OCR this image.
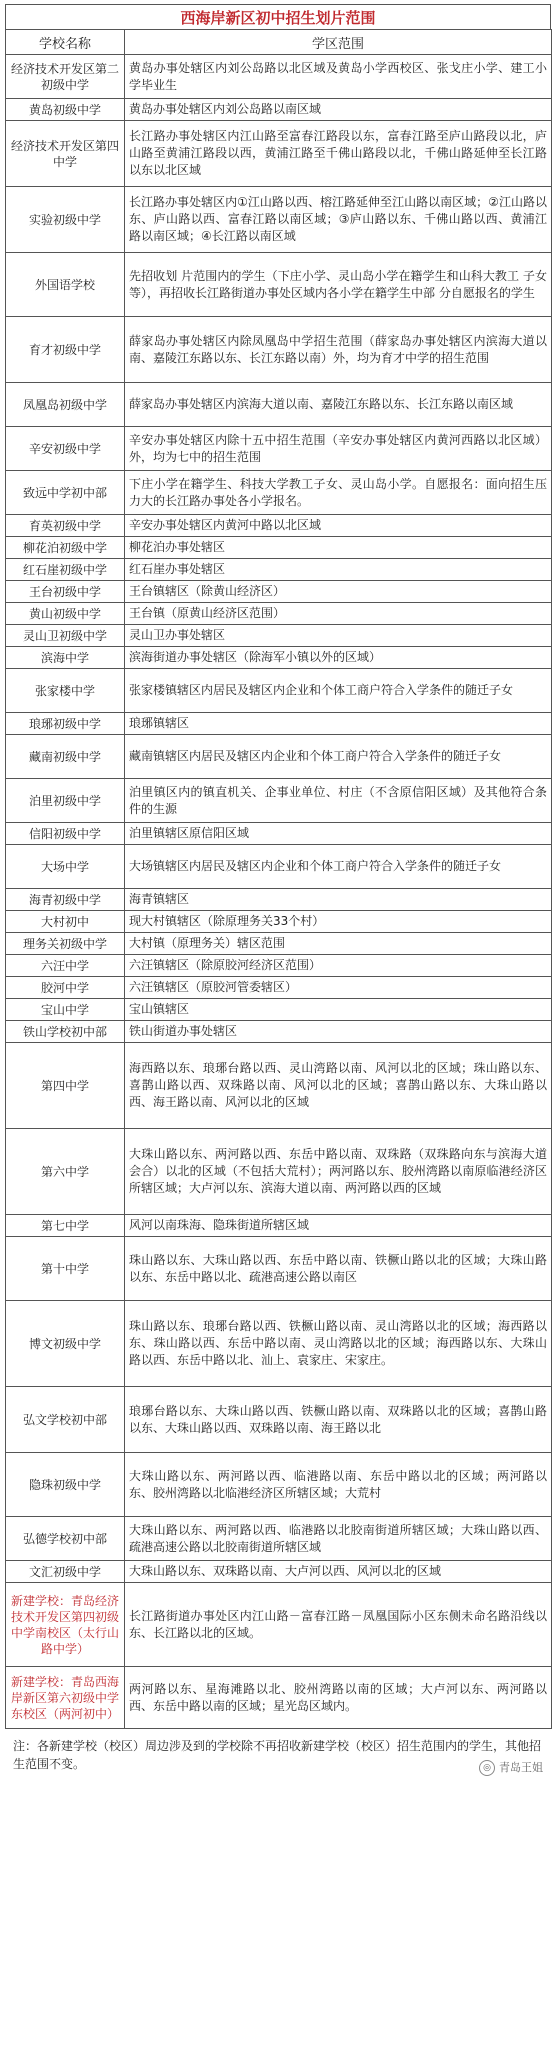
西海岸新区初中招生划片范围
学校名称	学区范围
经济技术开发区第二初级中学	黄岛办事处辖区内刘公岛路以北区域及黄岛小学西校区、张戈庄小学、建工小学毕业生
黄岛初级中学	黄岛办事处辖区内刘公岛路以南区域
经济技术开发区第四中学	长江路办事处辖区内江山路至富春江路段以东，富春江路至庐山路段以北，庐山路至黄浦江路段以西，黄浦江路至千佛山路段以北，千佛山路延伸至长江路以东以北区域
实验初级中学	长江路办事处辖区内①江山路以西、榕江路延伸至江山路以南区域；②江山路以东、庐山路以西、富春江路以南区域；③庐山路以东、千佛山路以西、黄浦江路以南区域；④长江路以南区域
外国语学校	先招收划 片范围内的学生（下庄小学、灵山岛小学在籍学生和山科大教工 子女等），再招收长江路街道办事处区域内各小学在籍学生中部 分自愿报名的学生
育才初级中学	薛家岛办事处辖区内除凤凰岛中学招生范围（薛家岛办事处辖区内滨海大道以南、嘉陵江东路以东、长江东路以南）外，均为育才中学的招生范围
凤凰岛初级中学	薛家岛办事处辖区内滨海大道以南、嘉陵江东路以东、长江东路以南区域
辛安初级中学	辛安办事处辖区内除十五中招生范围（辛安办事处辖区内黄河西路以北区域）外，均为七中的招生范围
致远中学初中部	下庄小学在籍学生、科技大学教工子女、灵山岛小学。自愿报名：面向招生压力大的长江路办事处各小学报名。
育英初级中学	辛安办事处辖区内黄河中路以北区域
柳花泊初级中学	柳花泊办事处辖区
红石崖初级中学	红石崖办事处辖区
王台初级中学	王台镇辖区（除黄山经济区）
黄山初级中学	王台镇（原黄山经济区范围）
灵山卫初级中学	灵山卫办事处辖区
滨海中学	滨海街道办事处辖区（除海军小镇以外的区域）
张家楼中学	张家楼镇辖区内居民及辖区内企业和个体工商户符合入学条件的随迁子女
琅琊初级中学	琅琊镇辖区
藏南初级中学	藏南镇辖区内居民及辖区内企业和个体工商户符合入学条件的随迁子女
泊里初级中学	泊里镇区内的镇直机关、企事业单位、村庄（不含原信阳区域）及其他符合条件的生源
信阳初级中学	泊里镇辖区原信阳区域
大场中学	大场镇辖区内居民及辖区内企业和个体工商户符合入学条件的随迁子女
海青初级中学	海青镇辖区
大村初中	现大村镇辖区（除原理务关33个村）
理务关初级中学	大村镇（原理务关）辖区范围
六汪中学	六汪镇辖区（除原胶河经济区范围）
胶河中学	六汪镇辖区（原胶河管委辖区）
宝山中学	宝山镇辖区
铁山学校初中部	铁山街道办事处辖区
第四中学	海西路以东、琅琊台路以西、灵山湾路以南、风河以北的区域；珠山路以东、喜鹊山路以西、双珠路以南、风河以北的区域；喜鹊山路以东、大珠山路以西、海王路以南、风河以北的区域
第六中学	大珠山路以东、两河路以西、东岳中路以南、双珠路（双珠路向东与滨海大道会合）以北的区域（不包括大荒村）；两河路以东、胶州湾路以南原临港经济区所辖区域；大卢河以东、滨海大道以南、两河路以西的区域
第七中学	风河以南珠海、隐珠街道所辖区域
第十中学	珠山路以东、大珠山路以西、东岳中路以南、铁橛山路以北的区域；大珠山路以东、东岳中路以北、疏港高速公路以南区
博文初级中学	珠山路以东、琅琊台路以西、铁橛山路以南、灵山湾路以北的区域；海西路以东、珠山路以西、东岳中路以南、灵山湾路以北的区域；海西路以东、大珠山路以西、东岳中路以北、汕上、袁家庄、宋家庄。
弘文学校初中部	琅琊台路以东、大珠山路以西、铁橛山路以南、双珠路以北的区域；喜鹊山路以东、大珠山路以西、双珠路以南、海王路以北
隐珠初级中学	大珠山路以东、两河路以西、临港路以南、东岳中路以北的区域；两河路以东、胶州湾路以北临港经济区所辖区域；大荒村
弘德学校初中部	大珠山路以东、两河路以西、临港路以北胶南街道所辖区域；大珠山路以西、疏港高速公路以北胶南街道所辖区域
文汇初级中学	大珠山路以东、双珠路以南、大卢河以西、风河以北的区域
新建学校：青岛经济技术开发区第四初级中学南校区（太行山路中学）	长江路街道办事处区内江山路－富春江路－凤凰国际小区东侧未命名路沿线以东、长江路以北的区域。
新建学校：青岛西海岸新区第六初级中学东校区（两河初中）	两河路以东、星海滩路以北、胶州湾路以南的区域；大卢河以东、两河路以西、东岳中路以南的区域；星光岛区域内。
注：各新建学校（校区）周边涉及到的学校除不再招收新建学校（校区）招生范围内的学生，其他招生范围不变。	◎ 青岛王姐
